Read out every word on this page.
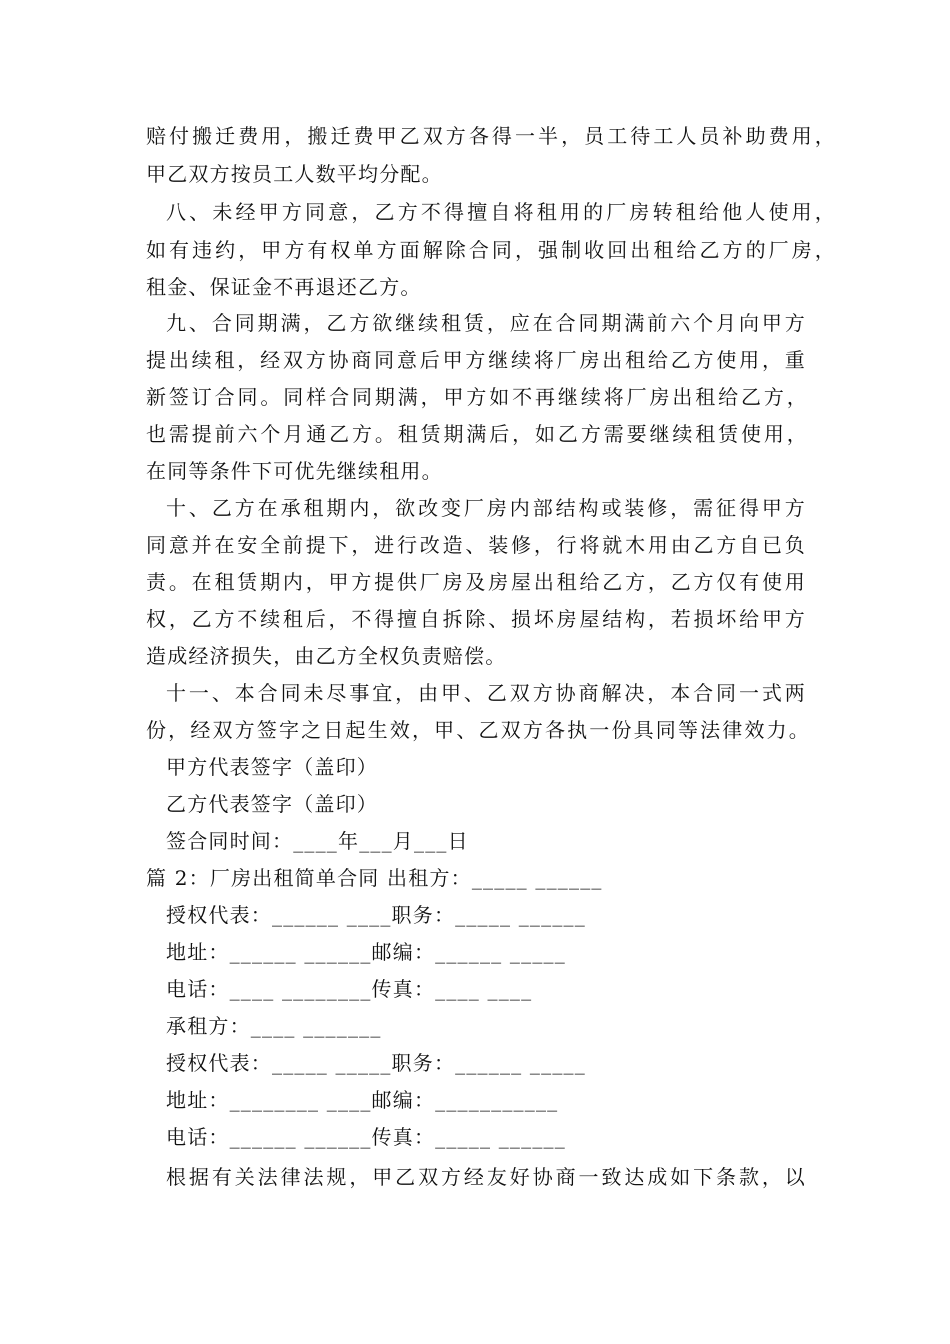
赔付搬迁费用，搬迁费甲乙双方各得一半，员工待工人员补助费用，
甲乙双方按员工人数平均分配。
八、未经甲方同意，乙方不得擅自将租用的厂房转租给他人使用，
如有违约，甲方有权单方面解除合同，强制收回出租给乙方的厂房，
租金、保证金不再退还乙方。
九、合同期满，乙方欲继续租赁，应在合同期满前六个月向甲方
提出续租，经双方协商同意后甲方继续将厂房出租给乙方使用，重
新签订合同。同样合同期满，甲方如不再继续将厂房出租给乙方，
也需提前六个月通乙方。租赁期满后，如乙方需要继续租赁使用，
在同等条件下可优先继续租用。
十、乙方在承租期内，欲改变厂房内部结构或装修，需征得甲方
同意并在安全前提下，进行改造、装修，行将就木用由乙方自已负
责。在租赁期内，甲方提供厂房及房屋出租给乙方，乙方仅有使用
权，乙方不续租后，不得擅自拆除、损坏房屋结构，若损坏给甲方
造成经济损失，由乙方全权负责赔偿。
十一、本合同未尽事宜，由甲、乙双方协商解决，本合同一式两
份，经双方签字之日起生效，甲、乙双方各执一份具同等法律效力。
甲方代表签字（盖印）
乙方代表签字（盖印）
签合同时间：____年___月___日
篇 2：厂房出租简单合同 出租方：_____ ______
授权代表：______ ____职务：_____ ______
地址：______ ______邮编：______ _____
电话：____ ________传真：____ ____
承租方：____ _______
授权代表：_____ _____职务：______ _____
地址：________ ____邮编：___________
电话：______ ______传真：_____ ______
根据有关法律法规，甲乙双方经友好协商一致达成如下条款，以
